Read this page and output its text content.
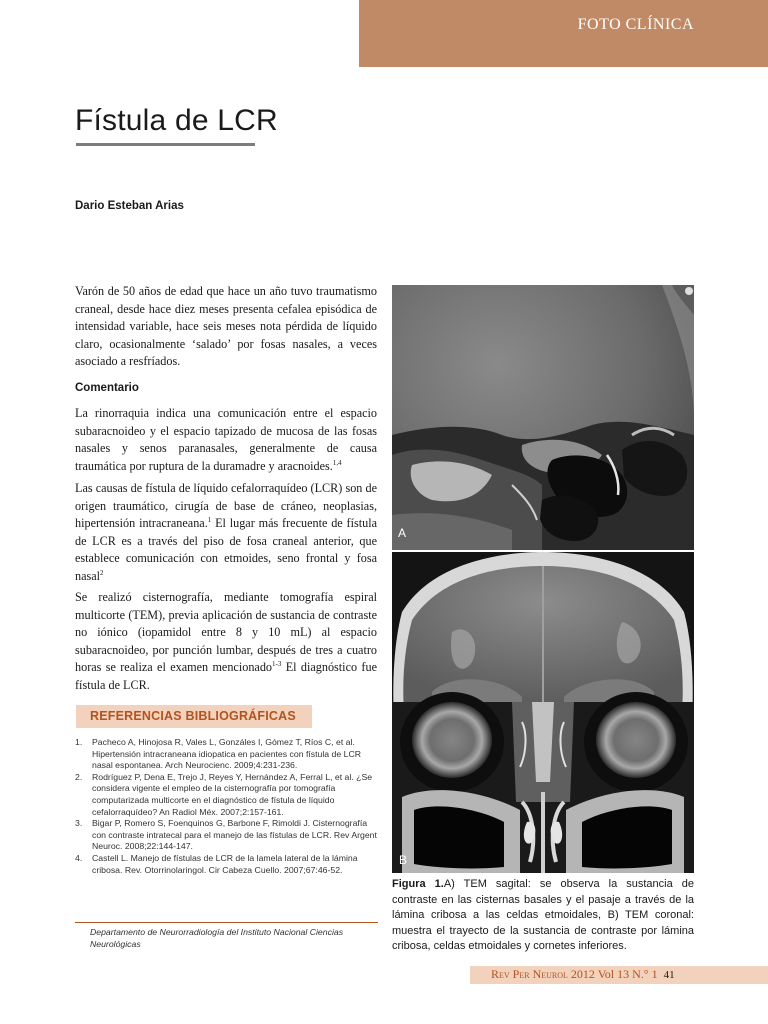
FOTO CLÍNICA
Fístula de LCR
Dario Esteban Arias

Varón de 50 años de edad que hace un año tuvo traumatismo craneal, desde hace diez meses presenta cefalea episódica de intensidad variable, hace seis meses nota pérdida de líquido claro, ocasionalmente ‘salado’ por fosas nasales, a veces asociado a resfríados.

Comentario

La rinorraquia indica una comunicación entre el espacio subaracnoideo y el espacio tapizado de mucosa de las fosas nasales y senos paranasales, generalmente de causa traumática por ruptura de la duramadre y aracnoides.$^{1,4}$

Las causas de fístula de líquido cefalorraquídeo (LCR) son de origen traumático, cirugía de base de cráneo, neoplasias, hipertensión intracraneana.$^1$ El lugar más frecuente de fístula de LCR es a través del piso de fosa craneal anterior, que establece comunicación con etmoides, seno frontal y fosa nasal$^2$

Se realizó cisternografía, mediante tomografía espiral multicorte (TEM), previa aplicación de sustancia de contraste no iónico (iopamidol entre 8 y 10 mL) al espacio subaracnoideo, por punción lumbar, después de tres a cuatro horas se realiza el examen mencionado$^{1-3}$ El diagnóstico fue fístula de LCR.

REFERENCIAS BIBLIOGRÁFICAS
1. Pacheco A, Hinojosa R, Vales L, Gonzáles I, Gómez T, Ríos C, et al. Hipertensión intracraneana idiopatica en pacientes con fístula de LCR nasal espontanea. Arch Neurocienc. 2009;4:231-236.
2. Rodríguez P, Dena E, Trejo J, Reyes Y, Hernández A, Ferral L, et al. ¿Se considera vigente el empleo de la cisternografía por tomografía computarizada multicorte en el diagnóstico de fístula de líquido cefalorraquídeo? An Radiol Méx. 2007;2:157-161.
3. Bigar P, Romero S, Foenquinos G, Barbone F, Rimoldi J. Cisternografía con contraste intratecal para el manejo de las fístulas de LCR. Rev Argent Neuroc. 2008;22:144-147.
4. Castell L. Manejo de fístulas de LCR de la lamela lateral de la lámina cribosa. Rev. Otorrinolaringol. Cir Cabeza Cuello. 2007;67:46-52.

Departamento de Neurorradiología del Instituto Nacional Ciencias Neurológicas

A
B

Figura 1.A) TEM sagital: se observa la sustancia de contraste en las cisternas basales y el pasaje a través de la lámina cribosa a las celdas etmoidales, B) TEM coronal: muestra el trayecto de la sustancia de contraste por lámina cribosa, celdas etmoidales y cornetes inferiores.

Rev Per Neurol 2012 Vol 13 N.° 1 41
